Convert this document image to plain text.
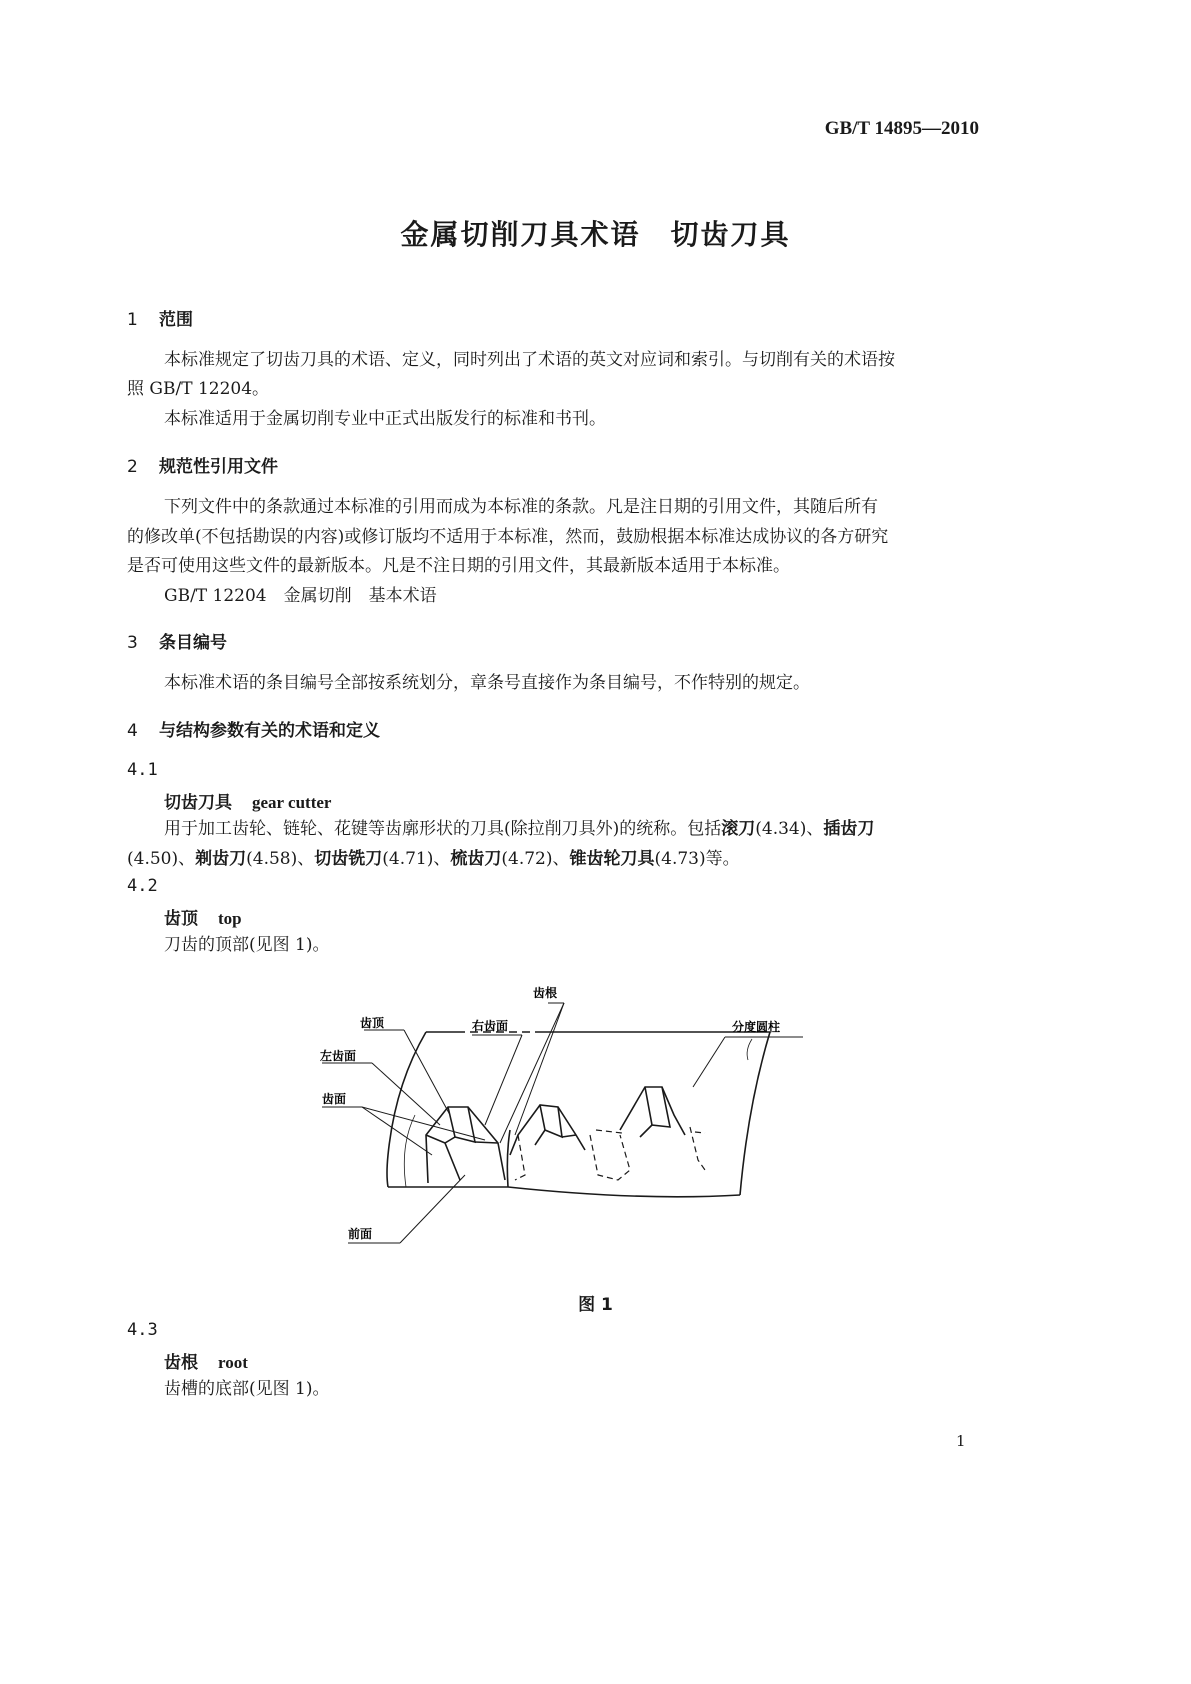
GB/T 14895—2010
金属切削刀具术语　切齿刀具
1 范围
本标准规定了切齿刀具的术语、定义，同时列出了术语的英文对应词和索引。与切削有关的术语按
照 GB/T 12204。
本标准适用于金属切削专业中正式出版发行的标准和书刊。
2 规范性引用文件
下列文件中的条款通过本标准的引用而成为本标准的条款。凡是注日期的引用文件，其随后所有
的修改单(不包括勘误的内容)或修订版均不适用于本标准，然而，鼓励根据本标准达成协议的各方研究
是否可使用这些文件的最新版本。凡是不注日期的引用文件，其最新版本适用于本标准。
GB/T 12204　金属切削　基本术语
3 条目编号
本标准术语的条目编号全部按系统划分，章条号直接作为条目编号，不作特别的规定。
4 与结构参数有关的术语和定义
4.1
切齿刀具 gear cutter
用于加工齿轮、链轮、花键等齿廓形状的刀具(除拉削刀具外)的统称。包括滚刀(4.34)、插齿刀
(4.50)、剃齿刀(4.58)、切齿铣刀(4.71)、梳齿刀(4.72)、锥齿轮刀具(4.73)等。
4.2
齿顶 top
刀齿的顶部(见图 1)。
齿根
齿顶	右齿面
左齿面
齿面
前面
分度圆柱
图 1
4.3
齿根 root
齿槽的底部(见图 1)。
1
